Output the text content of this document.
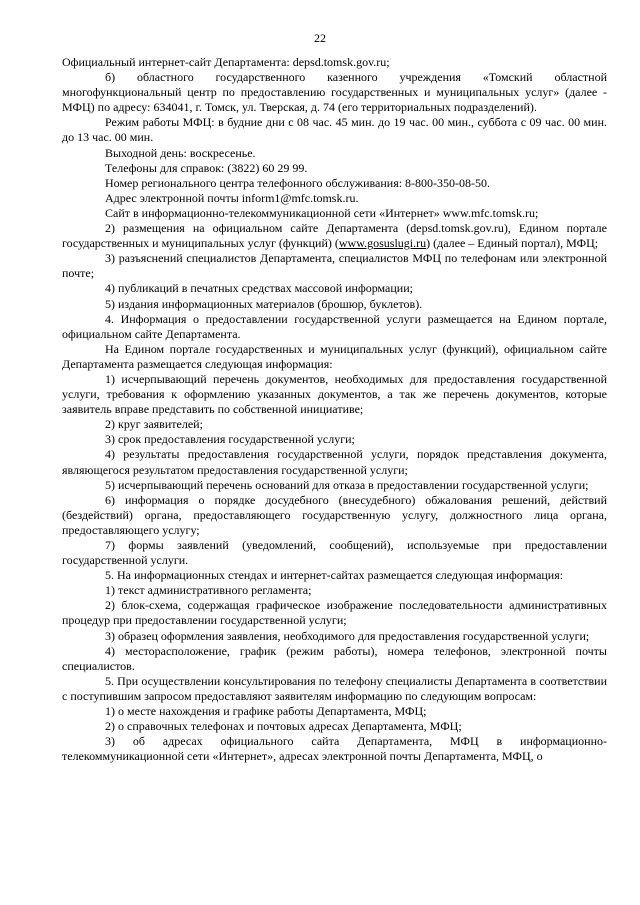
22

Официальный интернет-сайт Департамента: depsd.tomsk.gov.ru;

б) областного государственного казенного учреждения «Томский областной многофункциональный центр по предоставлению государственных и муниципальных услуг» (далее - МФЦ) по адресу: 634041, г. Томск, ул. Тверская, д. 74 (его территориальных подразделений).

Режим работы МФЦ: в будние дни с 08 час. 45 мин. до 19 час. 00 мин., суббота с 09 час. 00 мин. до 13 час. 00 мин.

Выходной день: воскресенье.

Телефоны для справок: (3822) 60 29 99.

Номер регионального центра телефонного обслуживания: 8-800-350-08-50.

Адрес электронной почты inform1@mfc.tomsk.ru.

Сайт в информационно-телекоммуникационной сети «Интернет» www.mfc.tomsk.ru;

2) размещения на официальном сайте Департамента (depsd.tomsk.gov.ru), Едином портале государственных и муниципальных услуг (функций) (www.gosuslugi.ru) (далее – Единый портал), МФЦ;

3) разъяснений специалистов Департамента, специалистов МФЦ по телефонам или электронной почте;

4) публикаций в печатных средствах массовой информации;

5) издания информационных материалов (брошюр, буклетов).

4. Информация о предоставлении государственной услуги размещается на Едином портале, официальном сайте Департамента.

На Едином портале государственных и муниципальных услуг (функций), официальном сайте Департамента размещается следующая информация:

1) исчерпывающий перечень документов, необходимых для предоставления государственной услуги, требования к оформлению указанных документов, а так же перечень документов, которые заявитель вправе представить по собственной инициативе;

2) круг заявителей;

3) срок предоставления государственной услуги;

4) результаты предоставления государственной услуги, порядок представления документа, являющегося результатом предоставления государственной услуги;

5) исчерпывающий перечень оснований для отказа в предоставлении государственной услуги;

6) информация о порядке досудебного (внесудебного) обжалования решений, действий (бездействий) органа, предоставляющего государственную услугу, должностного лица органа, предоставляющего услугу;

7) формы заявлений (уведомлений, сообщений), используемые при предоставлении государственной услуги.

5. На информационных стендах и интернет-сайтах размещается следующая информация:

1) текст административного регламента;

2) блок-схема, содержащая графическое изображение последовательности административных процедур при предоставлении государственной услуги;

3) образец оформления заявления, необходимого для предоставления государственной услуги;

4) месторасположение, график (режим работы), номера телефонов, электронной почты специалистов.

5. При осуществлении консультирования по телефону специалисты Департамента в соответствии с поступившим запросом предоставляют заявителям информацию по следующим вопросам:

1) о месте нахождения и графике работы Департамента, МФЦ;

2) о справочных телефонах и почтовых адресах Департамента, МФЦ;

3) об адресах официального сайта Департамента, МФЦ в информационно-телекоммуникационной сети «Интернет», адресах электронной почты Департамента, МФЦ, о
